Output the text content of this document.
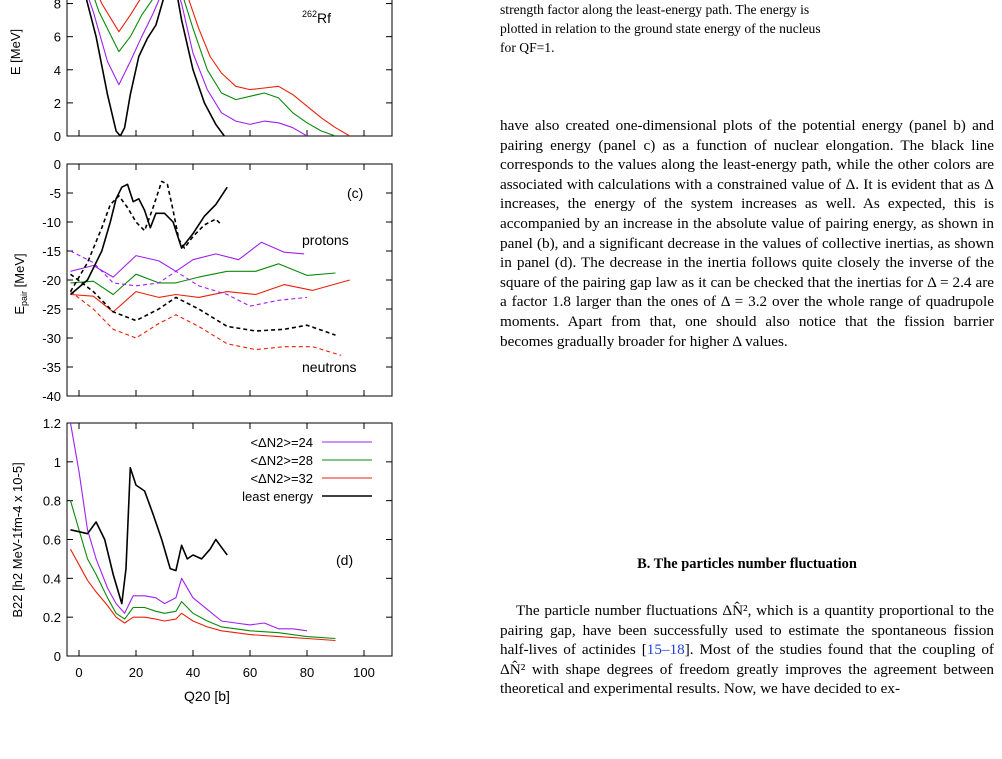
8
6
4
2
0
$^{262}$Rf
E [MeV]
0
-5
-10
-15
-20
-25
-30
-35
-40
(c)
protons
neutrons
$E_{pair}$ [MeV]
1.2
1
0.8
0.6
0.4
0.2
0
(d)
<ΔN2>=24
<ΔN2>=28
<ΔN2>=32
least energy
B22 [h2 MeV-1fm-4 x 10-5]
0	20	40	60	80	100
Q20 [b]

strength factor along the least-energy path. The energy is

plotted in relation to the ground state energy of the nucleus

for QF=1.

have also created one-dimensional plots of the potential energy (panel b) and pairing energy (panel c) as a function of nuclear elongation. The black line corresponds to the values along the least-energy path, while the other colors are associated with calculations with a constrained value of Δ. It is evident that as Δ increases, the energy of the system increases as well. As expected, this is accompanied by an increase in the absolute value of pairing energy, as shown in panel (b), and a significant decrease in the values of collective inertias, as shown in panel (d). The decrease in the inertia follows quite closely the inverse of the square of the pairing gap law as it can be checked that the inertias for Δ = 2.4 are a factor 1.8 larger than the ones of Δ = 3.2 over the whole range of quadrupole moments. Apart from that, one should also notice that the fission barrier becomes gradually broader for higher Δ values.
B. The particles number fluctuation
The particle number fluctuations ΔN̂², which is a quantity proportional to the pairing gap, have been successfully used to estimate the spontaneous fission half-lives of actinides [15–18]. Most of the studies found that the coupling of ΔN̂² with shape degrees of freedom greatly improves the agreement between theoretical and experimental results. Now, we have decided to ex-
